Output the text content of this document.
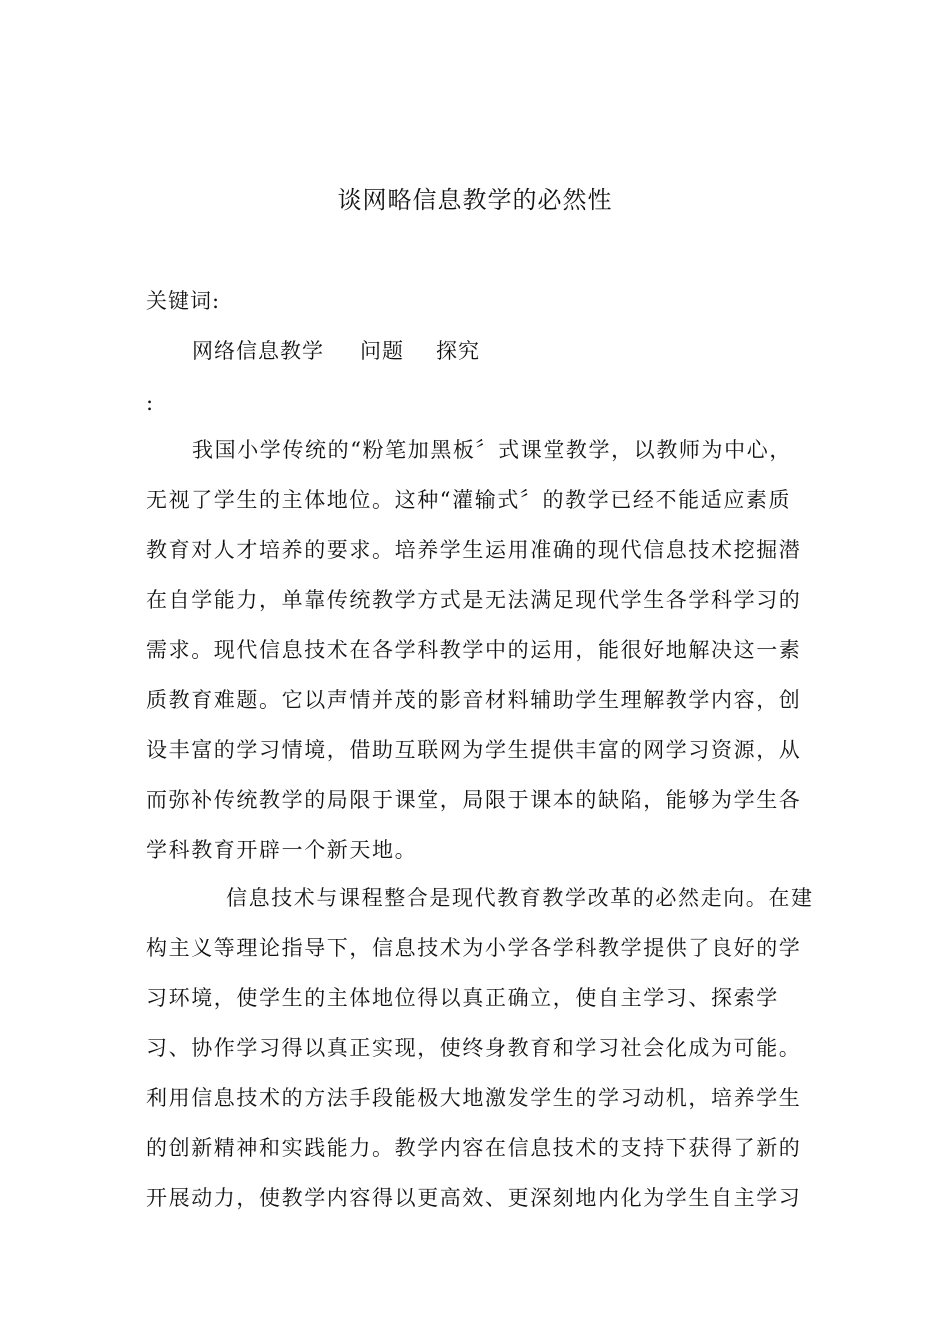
谈网略信息教学的必然性
关键词:
网络信息教学	问题	探究
:
我国小学传统的“粉笔加黑板〞式课堂教学，以教师为中心，
无视了学生的主体地位。这种“灌输式〞的教学已经不能适应素质
教育对人才培养的要求。培养学生运用准确的现代信息技术挖掘潜
在自学能力，单靠传统教学方式是无法满足现代学生各学科学习的
需求。现代信息技术在各学科教学中的运用，能很好地解决这一素
质教育难题。它以声情并茂的影音材料辅助学生理解教学内容，创
设丰富的学习情境，借助互联网为学生提供丰富的网学习资源，从
而弥补传统教学的局限于课堂，局限于课本的缺陷，能够为学生各
学科教育开辟一个新天地。
信息技术与课程整合是现代教育教学改革的必然走向。在建
构主义等理论指导下，信息技术为小学各学科教学提供了良好的学
习环境，使学生的主体地位得以真正确立，使自主学习、探索学
习、协作学习得以真正实现，使终身教育和学习社会化成为可能。
利用信息技术的方法手段能极大地激发学生的学习动机，培养学生
的创新精神和实践能力。教学内容在信息技术的支持下获得了新的
开展动力，使教学内容得以更高效、更深刻地内化为学生自主学习
